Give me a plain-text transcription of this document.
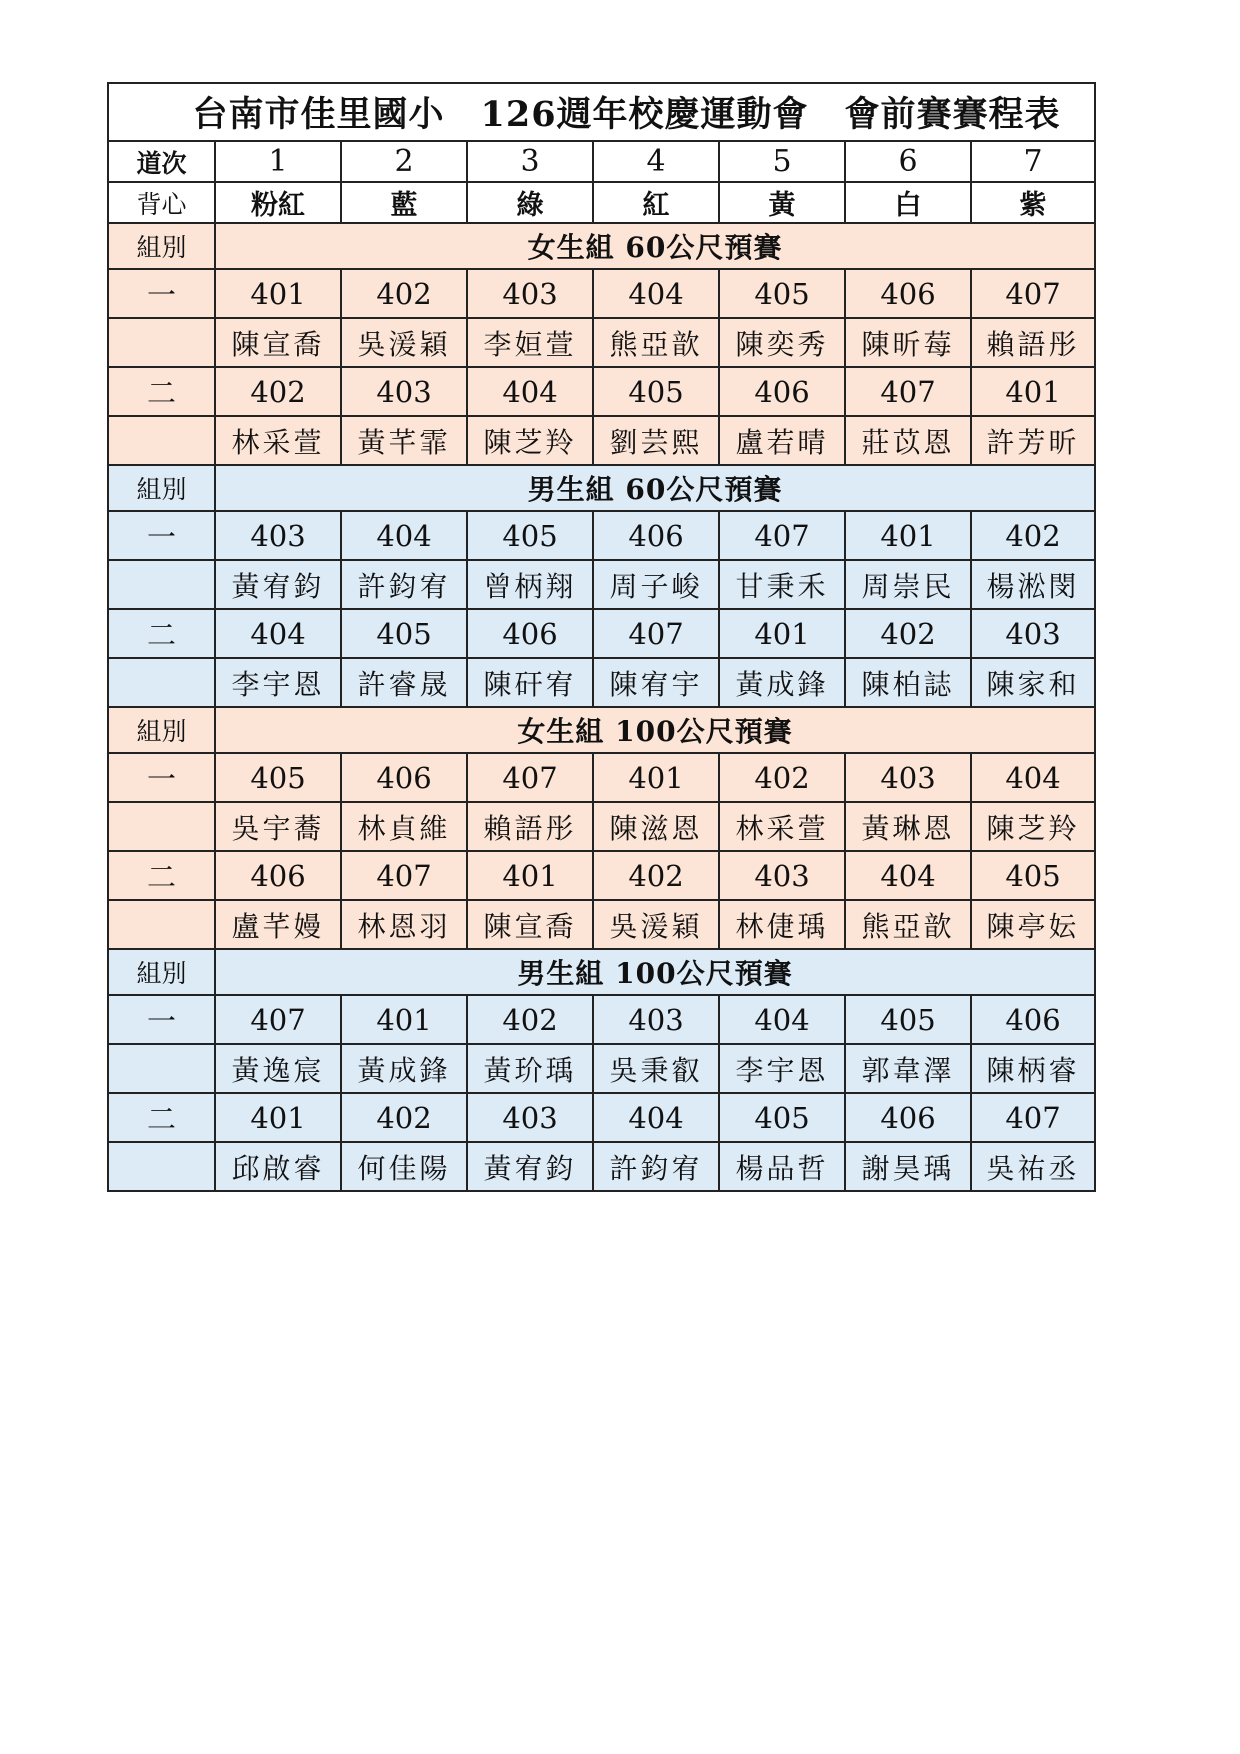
台南市佳里國小　126週年校慶運動會　會前賽賽程表							
道次	1	2	3	4	5	6	7
背心	粉紅	藍	綠	紅	黃	白	紫
組別	女生組 60公尺預賽						
一	401	402	403	404	405	406	407
	陳宣喬	吳湲穎	李姮萱	熊亞歆	陳奕秀	陳昕莓	賴語彤
二	402	403	404	405	406	407	401
	林采萱	黃芊霏	陳芝羚	劉芸熙	盧若晴	莊苡恩	許芳昕
組別	男生組 60公尺預賽						
一	403	404	405	406	407	401	402
	黃宥鈞	許鈞宥	曾柄翔	周子峻	甘秉禾	周崇民	楊淞閔
二	404	405	406	407	401	402	403
	李宇恩	許睿晟	陳矸宥	陳宥宇	黃成鋒	陳柏誌	陳家和
組別	女生組 100公尺預賽						
一	405	406	407	401	402	403	404
	吳宇蕎	林貞維	賴語彤	陳滋恩	林采萱	黃琳恩	陳芝羚
二	406	407	401	402	403	404	405
	盧芊嫚	林恩羽	陳宣喬	吳湲穎	林倢瑀	熊亞歆	陳亭妘
組別	男生組 100公尺預賽						
一	407	401	402	403	404	405	406
	黃逸宸	黃成鋒	黃玠瑀	吳秉叡	李宇恩	郭韋澤	陳柄睿
二	401	402	403	404	405	406	407
	邱啟睿	何佳陽	黃宥鈞	許鈞宥	楊品哲	謝昊瑀	吳祐丞
